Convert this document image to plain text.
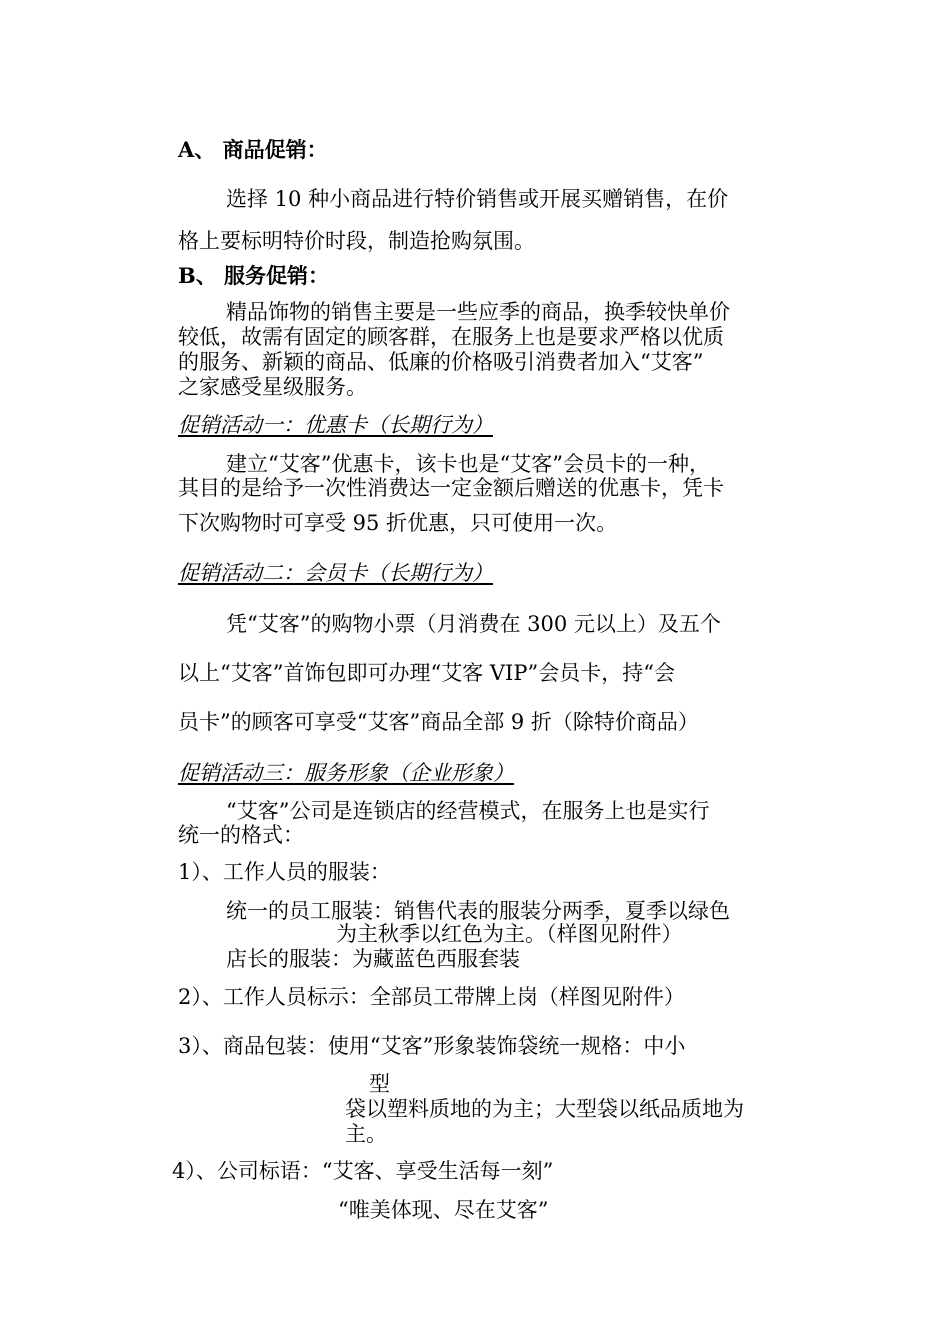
A、 商品促销：
选择 10 种小商品进行特价销售或开展买赠销售，在价
格上要标明特价时段，制造抢购氛围。
B、 服务促销：
精品饰物的销售主要是一些应季的商品，换季较快单价
较低，故需有固定的顾客群，在服务上也是要求严格以优质
的服务、新颖的商品、低廉的价格吸引消费者加入“艾客”
之家感受星级服务。
促销活动一：优惠卡（长期行为）
建立“艾客”优惠卡，该卡也是“艾客”会员卡的一种，
其目的是给予一次性消费达一定金额后赠送的优惠卡，凭卡
下次购物时可享受 95 折优惠，只可使用一次。
促销活动二：会员卡（长期行为）
凭“艾客”的购物小票（月消费在 300 元以上）及五个
以上“艾客”首饰包即可办理“艾客 VIP”会员卡，持“会
员卡”的顾客可享受“艾客”商品全部 9 折（除特价商品）
促销活动三：服务形象（企业形象）
“艾客”公司是连锁店的经营模式，在服务上也是实行
统一的格式：
1）、工作人员的服装：
统一的员工服装：销售代表的服装分两季，夏季以绿色
为主秋季以红色为主。（样图见附件）
店长的服装：为藏蓝色西服套装
2）、工作人员标示：全部员工带牌上岗（样图见附件）
3）、商品包装：使用“艾客”形象装饰袋统一规格：中小
型
袋以塑料质地的为主；大型袋以纸品质地为
主。
4）、公司标语：“艾客、享受生活每一刻”
“唯美体现、尽在艾客”
